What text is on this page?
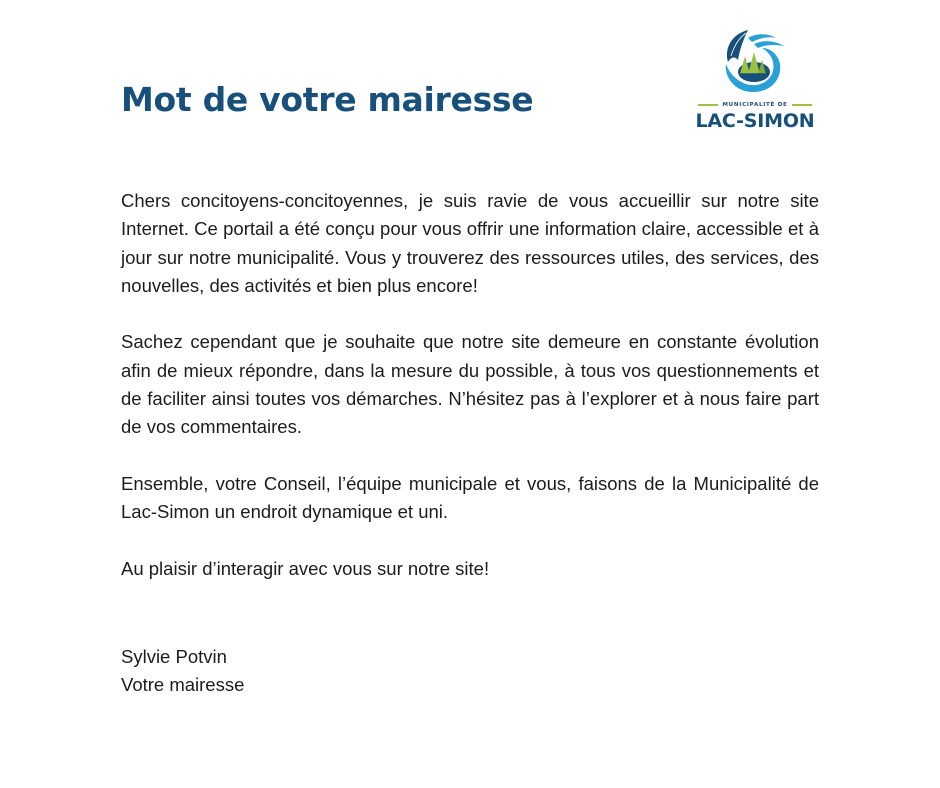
Mot de votre mairesse	MUNICIPALITÉ DE
LAC-SIMON

Chers concitoyens-concitoyennes, je suis ravie de vous accueillir sur notre site Internet. Ce portail a été conçu pour vous offrir une information claire, accessible et à jour sur notre municipalité. Vous y trouverez des ressources utiles, des services, des nouvelles, des activités et bien plus encore!

Sachez cependant que je souhaite que notre site demeure en constante évolution afin de mieux répondre, dans la mesure du possible, à tous vos questionnements et de faciliter ainsi toutes vos démarches. N’hésitez pas à l’explorer et à nous faire part de vos commentaires.

Ensemble, votre Conseil, l’équipe municipale et vous, faisons de la Municipalité de Lac-Simon un endroit dynamique et uni.

Au plaisir d’interagir avec vous sur notre site!

Sylvie Potvin
Votre mairesse
